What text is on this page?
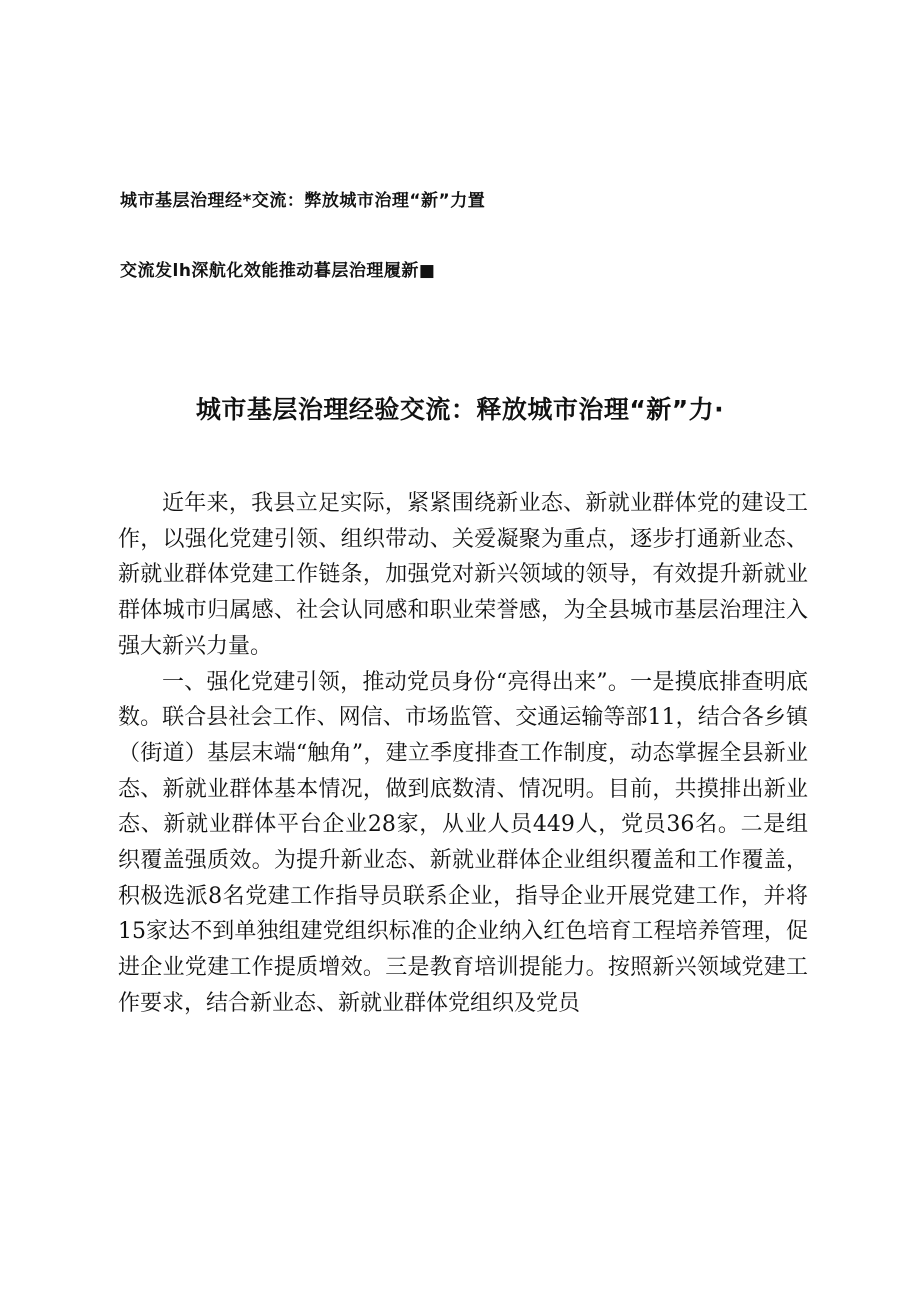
城市基层治理经*交流：弊放城市治理“新”力置
交流发lh深航化效能推动暮层治理履新■
城市基层治理经验交流：释放城市治理“新”力·

近年来，我县立足实际，紧紧围绕新业态、新就业群体党的建设工作，以强化党建引领、组织带动、关爱凝聚为重点，逐步打通新业态、新就业群体党建工作链条，加强党对新兴领域的领导，有效提升新就业群体城市归属感、社会认同感和职业荣誉感，为全县城市基层治理注入强大新兴力量。

一、强化党建引领，推动党员身份“亮得出来”。一是摸底排查明底数。联合县社会工作、网信、市场监管、交通运输等部11，结合各乡镇（街道）基层末端“触角”，建立季度排查工作制度，动态掌握全县新业态、新就业群体基本情况，做到底数清、情况明。目前，共摸排出新业态、新就业群体平台企业28家，从业人员449人，党员36名。二是组织覆盖强质效。为提升新业态、新就业群体企业组织覆盖和工作覆盖，积极选派8名党建工作指导员联系企业，指导企业开展党建工作，并将15家达不到单独组建党组织标准的企业纳入红色培育工程培养管理，促进企业党建工作提质增效。三是教育培训提能力。按照新兴领域党建工作要求，结合新业态、新就业群体党组织及党员
